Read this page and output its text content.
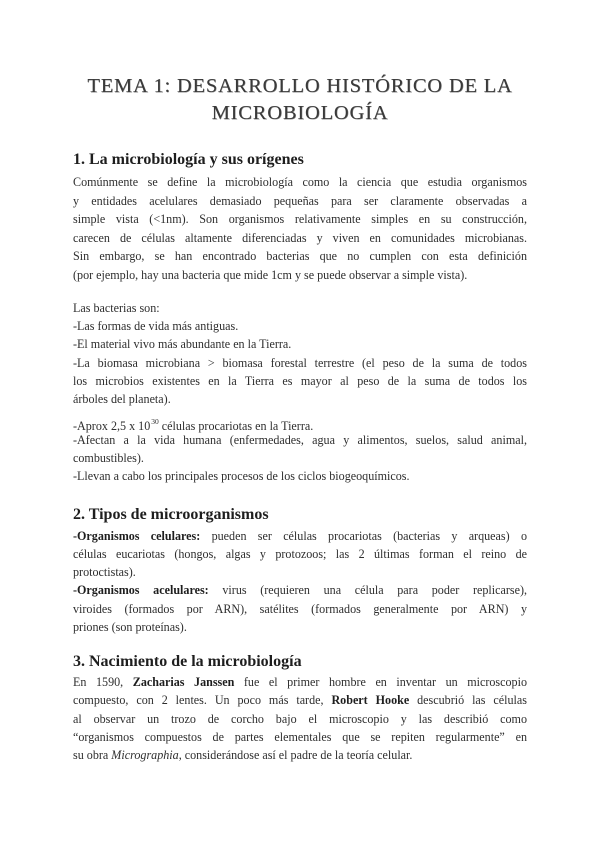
TEMA 1: DESARROLLO HISTÓRICO DE LA
MICROBIOLOGÍA
1. La microbiología y sus orígenes

Comúnmente se define la microbiología como la ciencia que estudia organismos
y entidades acelulares demasiado pequeñas para ser claramente observadas a
simple vista (<1nm). Son organismos relativamente simples en su construcción,
carecen de células altamente diferenciadas y viven en comunidades microbianas.
Sin embargo, se han encontrado bacterias que no cumplen con esta definición
(por ejemplo, hay una bacteria que mide 1cm y se puede observar a simple vista).

Las bacterias son:

-Las formas de vida más antiguas.

-El material vivo más abundante en la Tierra.

-La biomasa microbiana > biomasa forestal terrestre (el peso de la suma de todos

los microbios existentes en la Tierra es mayor al peso de la suma de todos los

árboles del planeta).

-Aprox 2,5 x $10^{30}$ células procariotas en la Tierra.

-Afectan a la vida humana (enfermedades, agua y alimentos, suelos, salud animal,

combustibles).

-Llevan a cabo los principales procesos de los ciclos biogeoquímicos.

2. Tipos de microorganismos

-Organismos celulares: pueden ser células procariotas (bacterias y arqueas) o

células eucariotas (hongos, algas y protozoos; las 2 últimas forman el reino de

protoctistas).

-Organismos acelulares: virus (requieren una célula para poder replicarse),

viroides (formados por ARN), satélites (formados generalmente por ARN) y

priones (son proteínas).

3. Nacimiento de la microbiología

En 1590, Zacharias Janssen fue el primer hombre en inventar un microscopio

compuesto, con 2 lentes. Un poco más tarde, Robert Hooke descubrió las células

al observar un trozo de corcho bajo el microscopio y las describió como

“organismos compuestos de partes elementales que se repiten regularmente” en

su obra Micrographia, considerándose así el padre de la teoría celular.
